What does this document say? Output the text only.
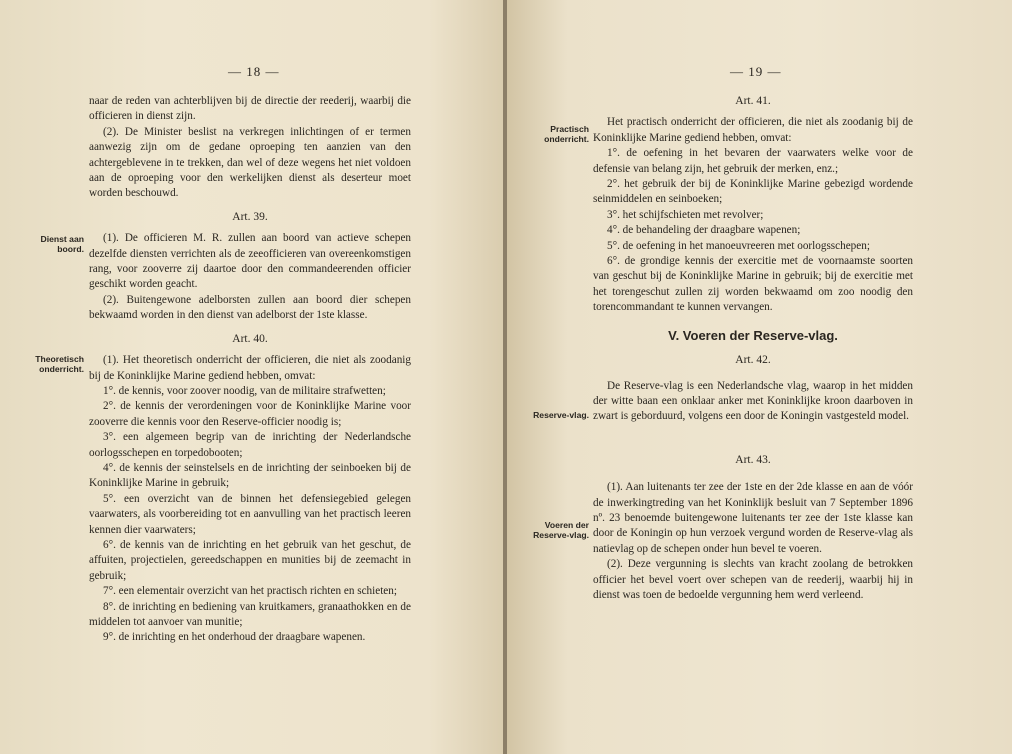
— 18 —
Dienst aan boord.
Theoretisch onderricht.

naar de reden van achterblijven bij de directie der reederij, waarbij die officieren in dienst zijn.

(2). De Minister beslist na verkregen inlichtingen of er termen aanwezig zijn om de gedane oproeping ten aanzien van den achtergeblevene in te trekken, dan wel of deze wegens het niet voldoen aan de oproeping voor den werkelijken dienst als deserteur moet worden beschouwd.

Art. 39.

(1). De officieren M. R. zullen aan boord van actieve schepen dezelfde diensten verrichten als de zeeofficieren van overeenkomstigen rang, voor zooverre zij daartoe door den commandeerenden officier geschikt worden geacht.

(2). Buitengewone adelborsten zullen aan boord dier schepen bekwaamd worden in den dienst van adelborst der 1ste klasse.

Art. 40.

(1). Het theoretisch onderricht der officieren, die niet als zoodanig bij de Koninklijke Marine gediend hebben, omvat:

1°. de kennis, voor zoover noodig, van de militaire strafwetten;

2°. de kennis der verordeningen voor de Koninklijke Marine voor zooverre die kennis voor den Reserve-officier noodig is;

3°. een algemeen begrip van de inrichting der Nederlandsche oorlogsschepen en torpedobooten;

4°. de kennis der seinstelsels en de inrichting der seinboeken bij de Koninklijke Marine in gebruik;

5°. een overzicht van de binnen het defensiegebied gelegen vaarwaters, als voorbereiding tot en aanvulling van het practisch leeren kennen dier vaarwaters;

6°. de kennis van de inrichting en het gebruik van het geschut, de affuiten, projectielen, gereedschappen en munities bij de zeemacht in gebruik;

7°. een elementair overzicht van het practisch richten en schieten;

8°. de inrichting en bediening van kruitkamers, granaathokken en de middelen tot aanvoer van munitie;

9°. de inrichting en het onderhoud der draagbare wapenen.

— 19 —
Practisch onderricht.
Reserve-vlag.
Voeren der Reserve-vlag.

Art. 41.

Het practisch onderricht der officieren, die niet als zoodanig bij de Koninklijke Marine gediend hebben, omvat:

1°. de oefening in het bevaren der vaarwaters welke voor de defensie van belang zijn, het gebruik der merken, enz.;

2°. het gebruik der bij de Koninklijke Marine gebezigd wordende seinmiddelen en seinboeken;

3°. het schijfschieten met revolver;

4°. de behandeling der draagbare wapenen;

5°. de oefening in het manoeuvreeren met oorlogsschepen;

6°. de grondige kennis der exercitie met de voornaamste soorten van geschut bij de Koninklijke Marine in gebruik; bij de exercitie met het torengeschut zullen zij worden bekwaamd om zoo noodig den torencommandant te kunnen vervangen.

V. Voeren der Reserve-vlag.

Art. 42.

De Reserve-vlag is een Nederlandsche vlag, waarop in het midden der witte baan een onklaar anker met Koninklijke kroon daarboven in zwart is geborduurd, volgens een door de Koningin vastgesteld model.

Art. 43.

(1). Aan luitenants ter zee der 1ste en der 2de klasse en aan de vóór de inwerkingtreding van het Koninklijk besluit van 7 September 1896 nº. 23 benoemde buitengewone luitenants ter zee der 1ste klasse kan door de Koningin op hun verzoek vergund worden de Reserve-vlag als natievlag op de schepen onder hun bevel te voeren.

(2). Deze vergunning is slechts van kracht zoolang de betrokken officier het bevel voert over schepen van de reederij, waarbij hij in dienst was toen de bedoelde vergunning hem werd verleend.
